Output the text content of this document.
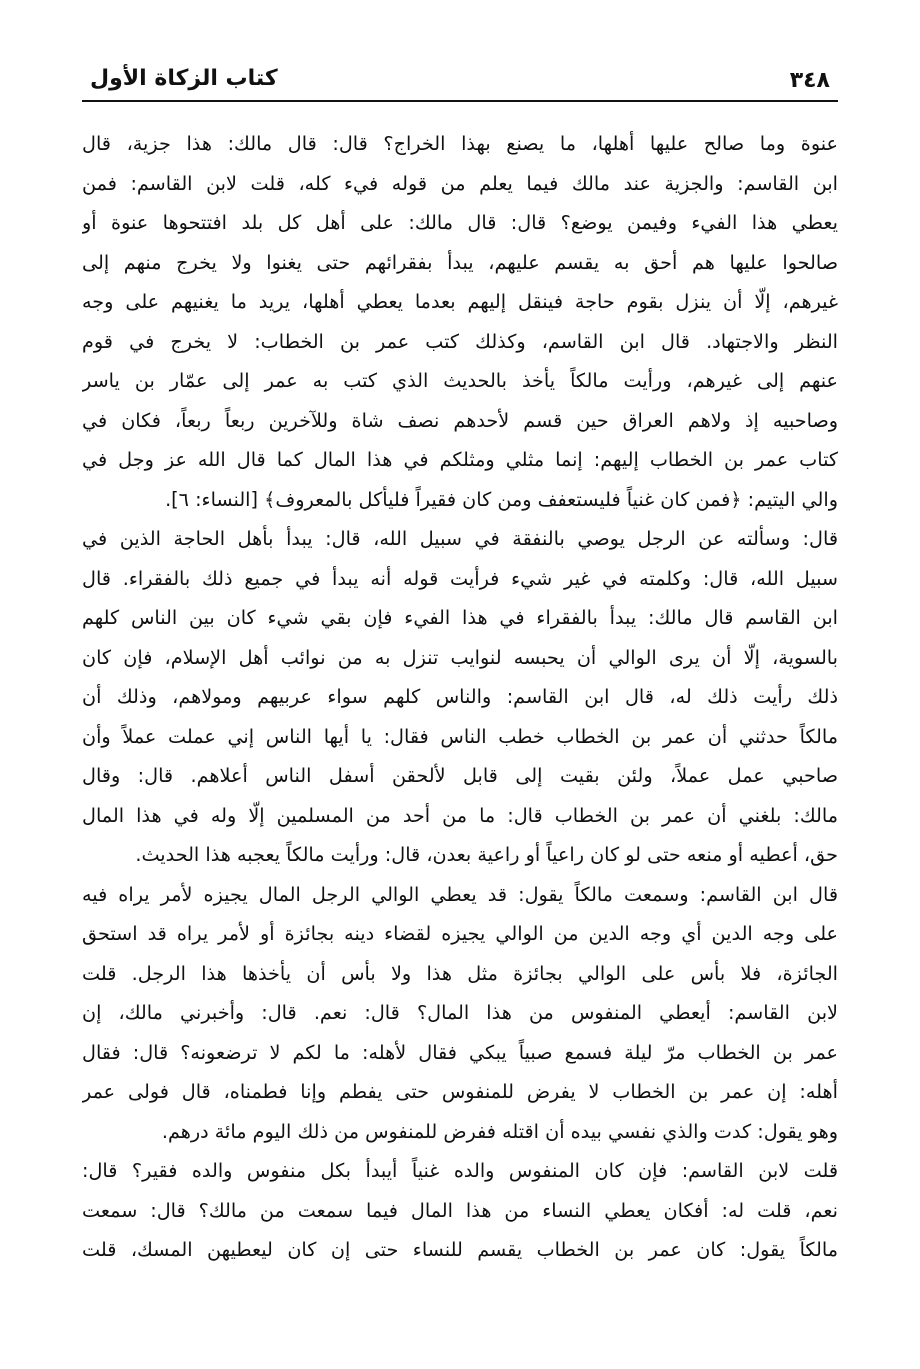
٣٤٨
كتاب الزكاة الأول
عنوة وما صالح عليها أهلها، ما يصنع بهذا الخراج؟ قال: قال مالك: هذا جزية، قال
ابن القاسم: والجزية عند مالك فيما يعلم من قوله فيء كله، قلت لابن القاسم: فمن
يعطي هذا الفيء وفيمن يوضع؟ قال: قال مالك: على أهل كل بلد افتتحوها عنوة أو
صالحوا عليها هم أحق به يقسم عليهم، يبدأ بفقرائهم حتى يغنوا ولا يخرج منهم إلى
غيرهم، إلّا أن ينزل بقوم حاجة فينقل إليهم بعدما يعطي أهلها، يريد ما يغنيهم على وجه
النظر والاجتهاد. قال ابن القاسم، وكذلك كتب عمر بن الخطاب: لا يخرج في قوم
عنهم إلى غيرهم، ورأيت مالكاً يأخذ بالحديث الذي كتب به عمر إلى عمّار بن ياسر
وصاحبيه إذ ولاهم العراق حين قسم لأحدهم نصف شاة وللآخرين ربعاً ربعاً، فكان في
كتاب عمر بن الخطاب إليهم: إنما مثلي ومثلكم في هذا المال كما قال الله عز وجل في
والي اليتيم: ﴿فمن كان غنياً فليستعفف ومن كان فقيراً فليأكل بالمعروف﴾ [النساء: ٦].
قال: وسألته عن الرجل يوصي بالنفقة في سبيل الله، قال: يبدأ بأهل الحاجة الذين في
سبيل الله، قال: وكلمته في غير شيء فرأيت قوله أنه يبدأ في جميع ذلك بالفقراء. قال
ابن القاسم قال مالك: يبدأ بالفقراء في هذا الفيء فإن بقي شيء كان بين الناس كلهم
بالسوية، إلّا أن يرى الوالي أن يحبسه لنوايب تنزل به من نوائب أهل الإسلام، فإن كان
ذلك رأيت ذلك له، قال ابن القاسم: والناس كلهم سواء عربيهم ومولاهم، وذلك أن
مالكاً حدثني أن عمر بن الخطاب خطب الناس فقال: يا أيها الناس إني عملت عملاً وأن
صاحبي عمل عملاً، ولئن بقيت إلى قابل لألحقن أسفل الناس أعلاهم. قال: وقال
مالك: بلغني أن عمر بن الخطاب قال: ما من أحد من المسلمين إلّا وله في هذا المال
حق، أعطيه أو منعه حتى لو كان راعياً أو راعية بعدن، قال: ورأيت مالكاً يعجبه هذا الحديث.
قال ابن القاسم: وسمعت مالكاً يقول: قد يعطي الوالي الرجل المال يجيزه لأمر يراه فيه
على وجه الدين أي وجه الدين من الوالي يجيزه لقضاء دينه بجائزة أو لأمر يراه قد استحق
الجائزة، فلا بأس على الوالي بجائزة مثل هذا ولا بأس أن يأخذها هذا الرجل. قلت
لابن القاسم: أيعطي المنفوس من هذا المال؟ قال: نعم. قال: وأخبرني مالك، إن
عمر بن الخطاب مرّ ليلة فسمع صبياً يبكي فقال لأهله: ما لكم لا ترضعونه؟ قال: فقال
أهله: إن عمر بن الخطاب لا يفرض للمنفوس حتى يفطم وإنا فطمناه، قال فولى عمر
وهو يقول: كدت والذي نفسي بيده أن اقتله ففرض للمنفوس من ذلك اليوم مائة درهم.
قلت لابن القاسم: فإن كان المنفوس والده غنياً أيبدأ بكل منفوس والده فقير؟ قال:
نعم، قلت له: أفكان يعطي النساء من هذا المال فيما سمعت من مالك؟ قال: سمعت
مالكاً يقول: كان عمر بن الخطاب يقسم للنساء حتى إن كان ليعطيهن المسك، قلت
